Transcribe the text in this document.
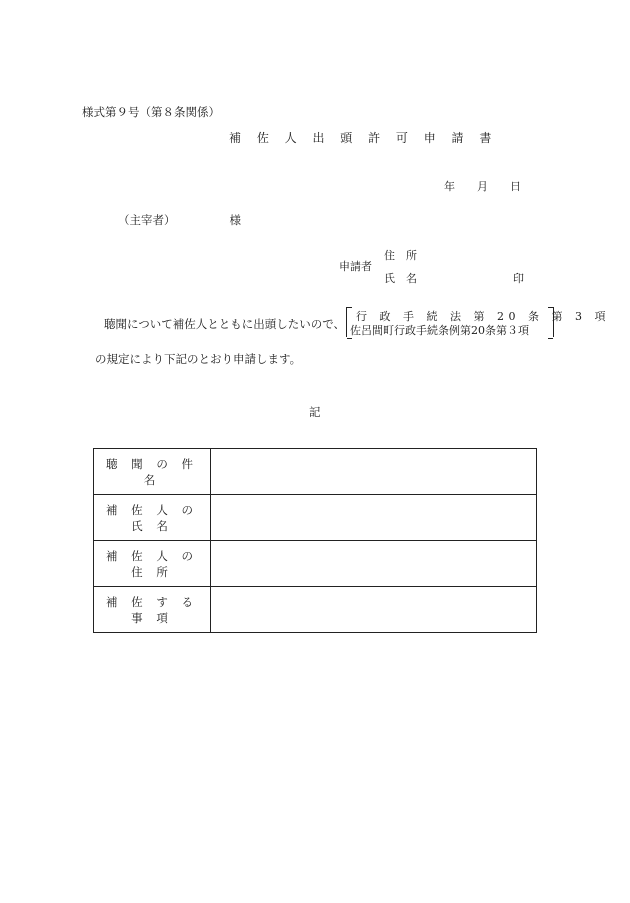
様式第９号（第８条関係）
補 佐 人 出 頭 許 可 申 請 書
年 月 日
（主宰者）	様
申請者
住　所
氏　名	印
聴聞について補佐人とともに出頭したいので、
行 政 手 続 法 第 20 条 第 3 項
佐呂間町行政手続条例第20条第３項
の規定により下記のとおり申請します。
記
聴 聞 の 件 名	
補 佐 人 の 氏 名	
補 佐 人 の 住 所	
補 佐 す る 事 項	
